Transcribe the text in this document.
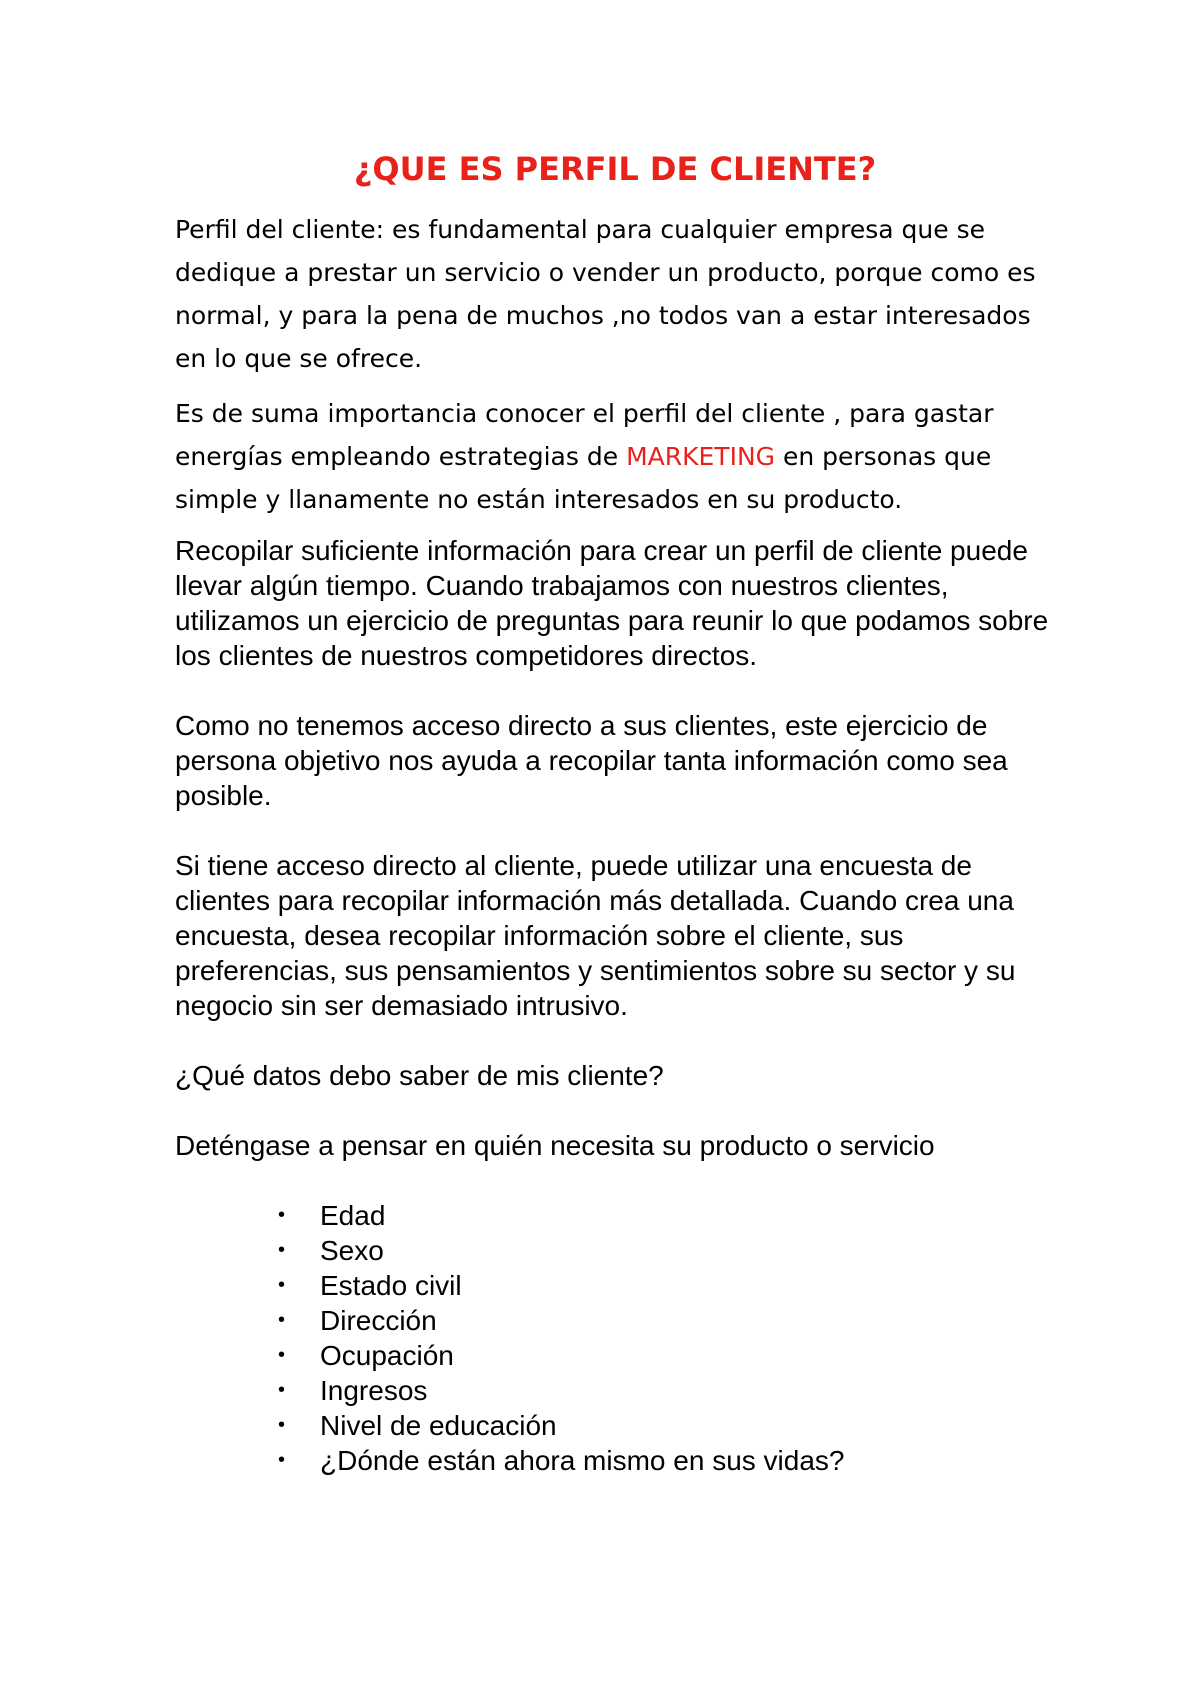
¿QUE ES PERFIL DE CLIENTE?

Perfil del cliente: es fundamental para cualquier empresa que se dedique a prestar un servicio o vender un producto, porque como es normal, y para la pena de muchos ,no todos van a estar interesados en lo que se ofrece.

Es de suma importancia conocer el perfil del cliente , para gastar energías empleando estrategias de MARKETING en personas que simple y llanamente no están interesados en su producto.

Recopilar suficiente información para crear un perfil de cliente puede llevar algún tiempo. Cuando trabajamos con nuestros clientes, utilizamos un ejercicio de preguntas para reunir lo que podamos sobre los clientes de nuestros competidores directos.

Como no tenemos acceso directo a sus clientes, este ejercicio de persona objetivo nos ayuda a recopilar tanta información como sea posible.

Si tiene acceso directo al cliente, puede utilizar una encuesta de clientes para recopilar información más detallada. Cuando crea una encuesta, desea recopilar información sobre el cliente, sus preferencias, sus pensamientos y sentimientos sobre su sector y su negocio sin ser demasiado intrusivo.

¿Qué datos debo saber de mis cliente?

Deténgase a pensar en quién necesita su producto o servicio

•	Edad
•	Sexo
•	Estado civil
•	Dirección
•	Ocupación
•	Ingresos
•	Nivel de educación
•	¿Dónde están ahora mismo en sus vidas?
